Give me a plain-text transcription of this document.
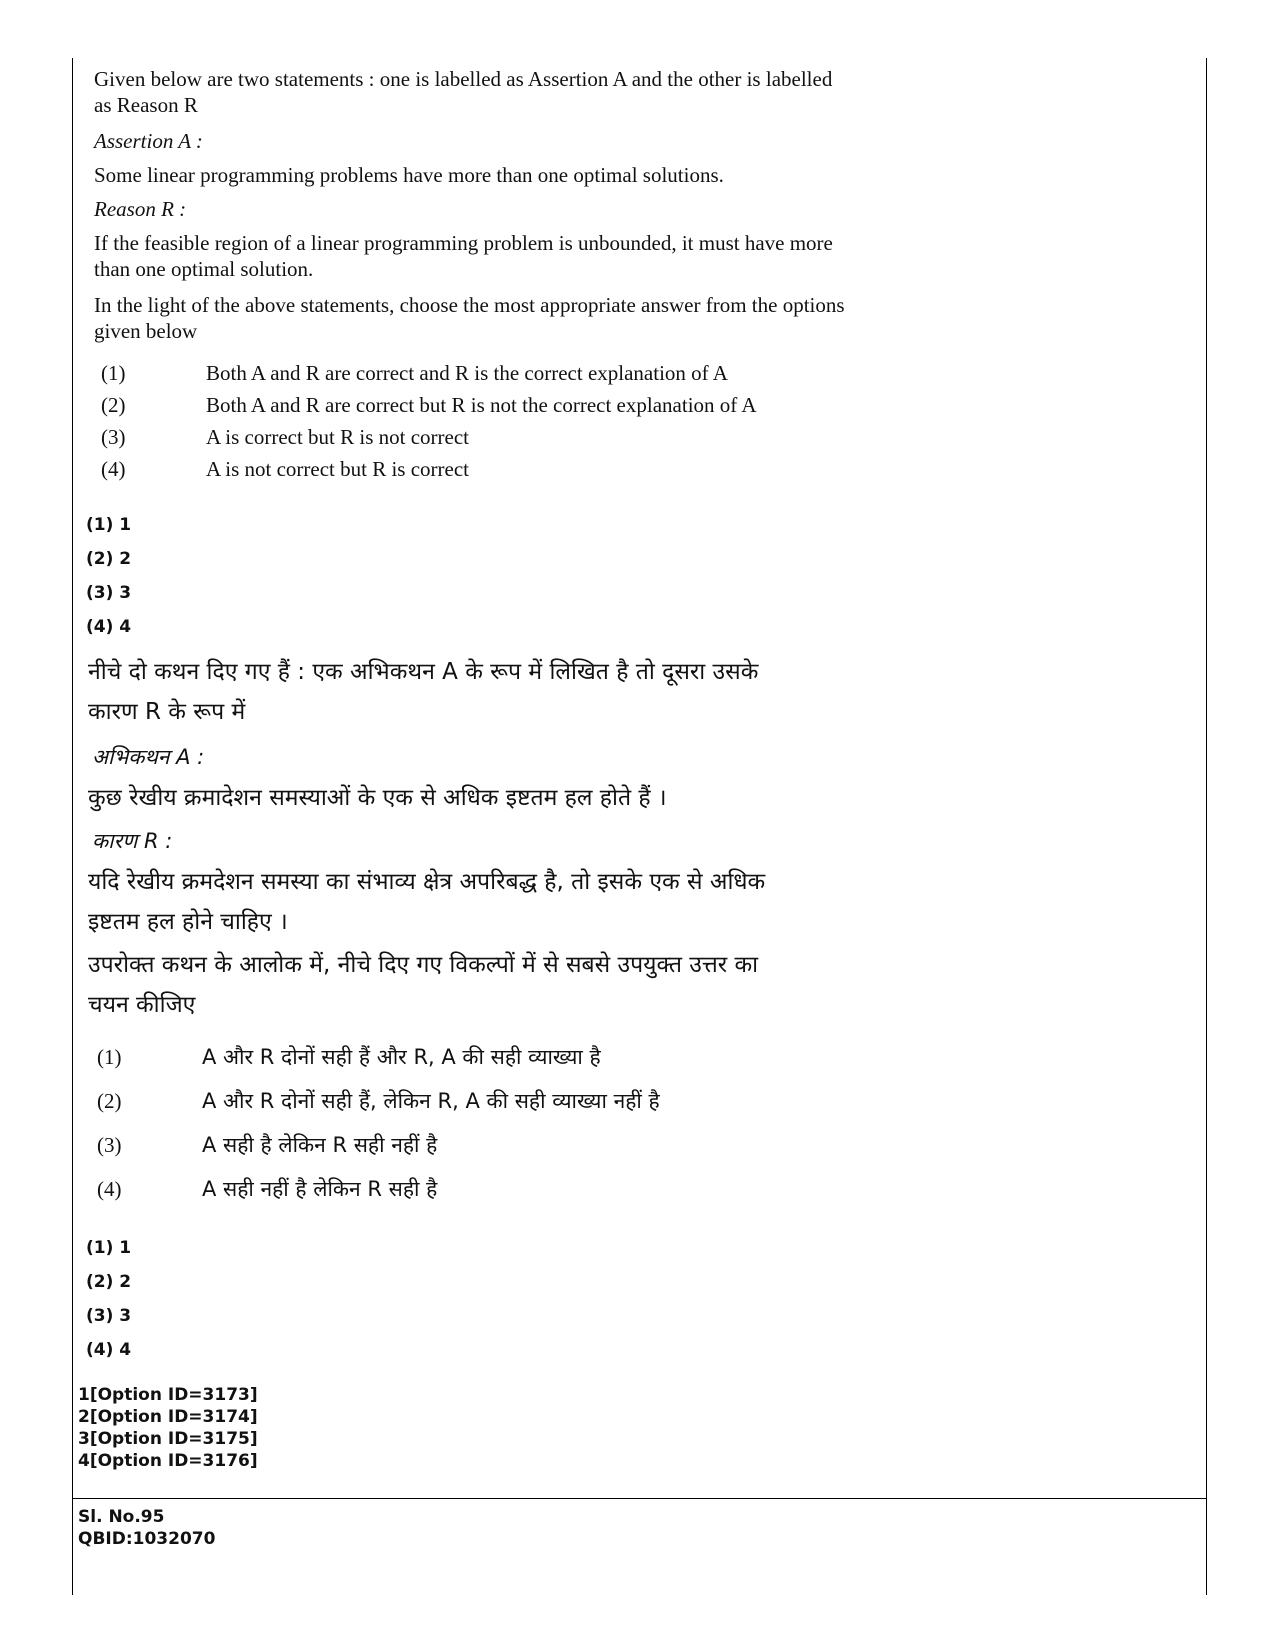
Given below are two statements : one is labelled as Assertion A and the other is labelled as Reason R

Assertion A :

Some linear programming problems have more than one optimal solutions.

Reason R :

If the feasible region of a linear programming problem is unbounded, it must have more than one optimal solution.

In the light of the above statements, choose the most appropriate answer from the options given below

(1)	Both A and R are correct and R is the correct explanation of A
(2)	Both A and R are correct but R is not the correct explanation of A
(3)	A is correct but R is not correct
(4)	A is not correct but R is correct
(1) 1
(2) 2
(3) 3
(4) 4

नीचे दो कथन दिए गए हैं : एक अभिकथन A के रूप में लिखित है तो दूसरा उसके

कारण R के रूप में

अभिकथन A :

कुछ रेखीय क्रमादेशन समस्याओं के एक से अधिक इष्टतम हल होते हैं ।

कारण R :

यदि रेखीय क्रमदेशन समस्या का संभाव्य क्षेत्र अपरिबद्ध है, तो इसके एक से अधिक

इष्टतम हल होने चाहिए ।

उपरोक्त कथन के आलोक में, नीचे दिए गए विकल्पों में से सबसे उपयुक्त उत्तर का

चयन कीजिए

(1)	A और R दोनों सही हैं और R, A की सही व्याख्या है
(2)	A और R दोनों सही हैं, लेकिन R, A की सही व्याख्या नहीं है
(3)	A सही है लेकिन R सही नहीं है
(4)	A सही नहीं है लेकिन R सही है
(1) 1
(2) 2
(3) 3
(4) 4
1[Option ID=3173]
2[Option ID=3174]
3[Option ID=3175]
4[Option ID=3176]
Sl. No.95
QBID:1032070
